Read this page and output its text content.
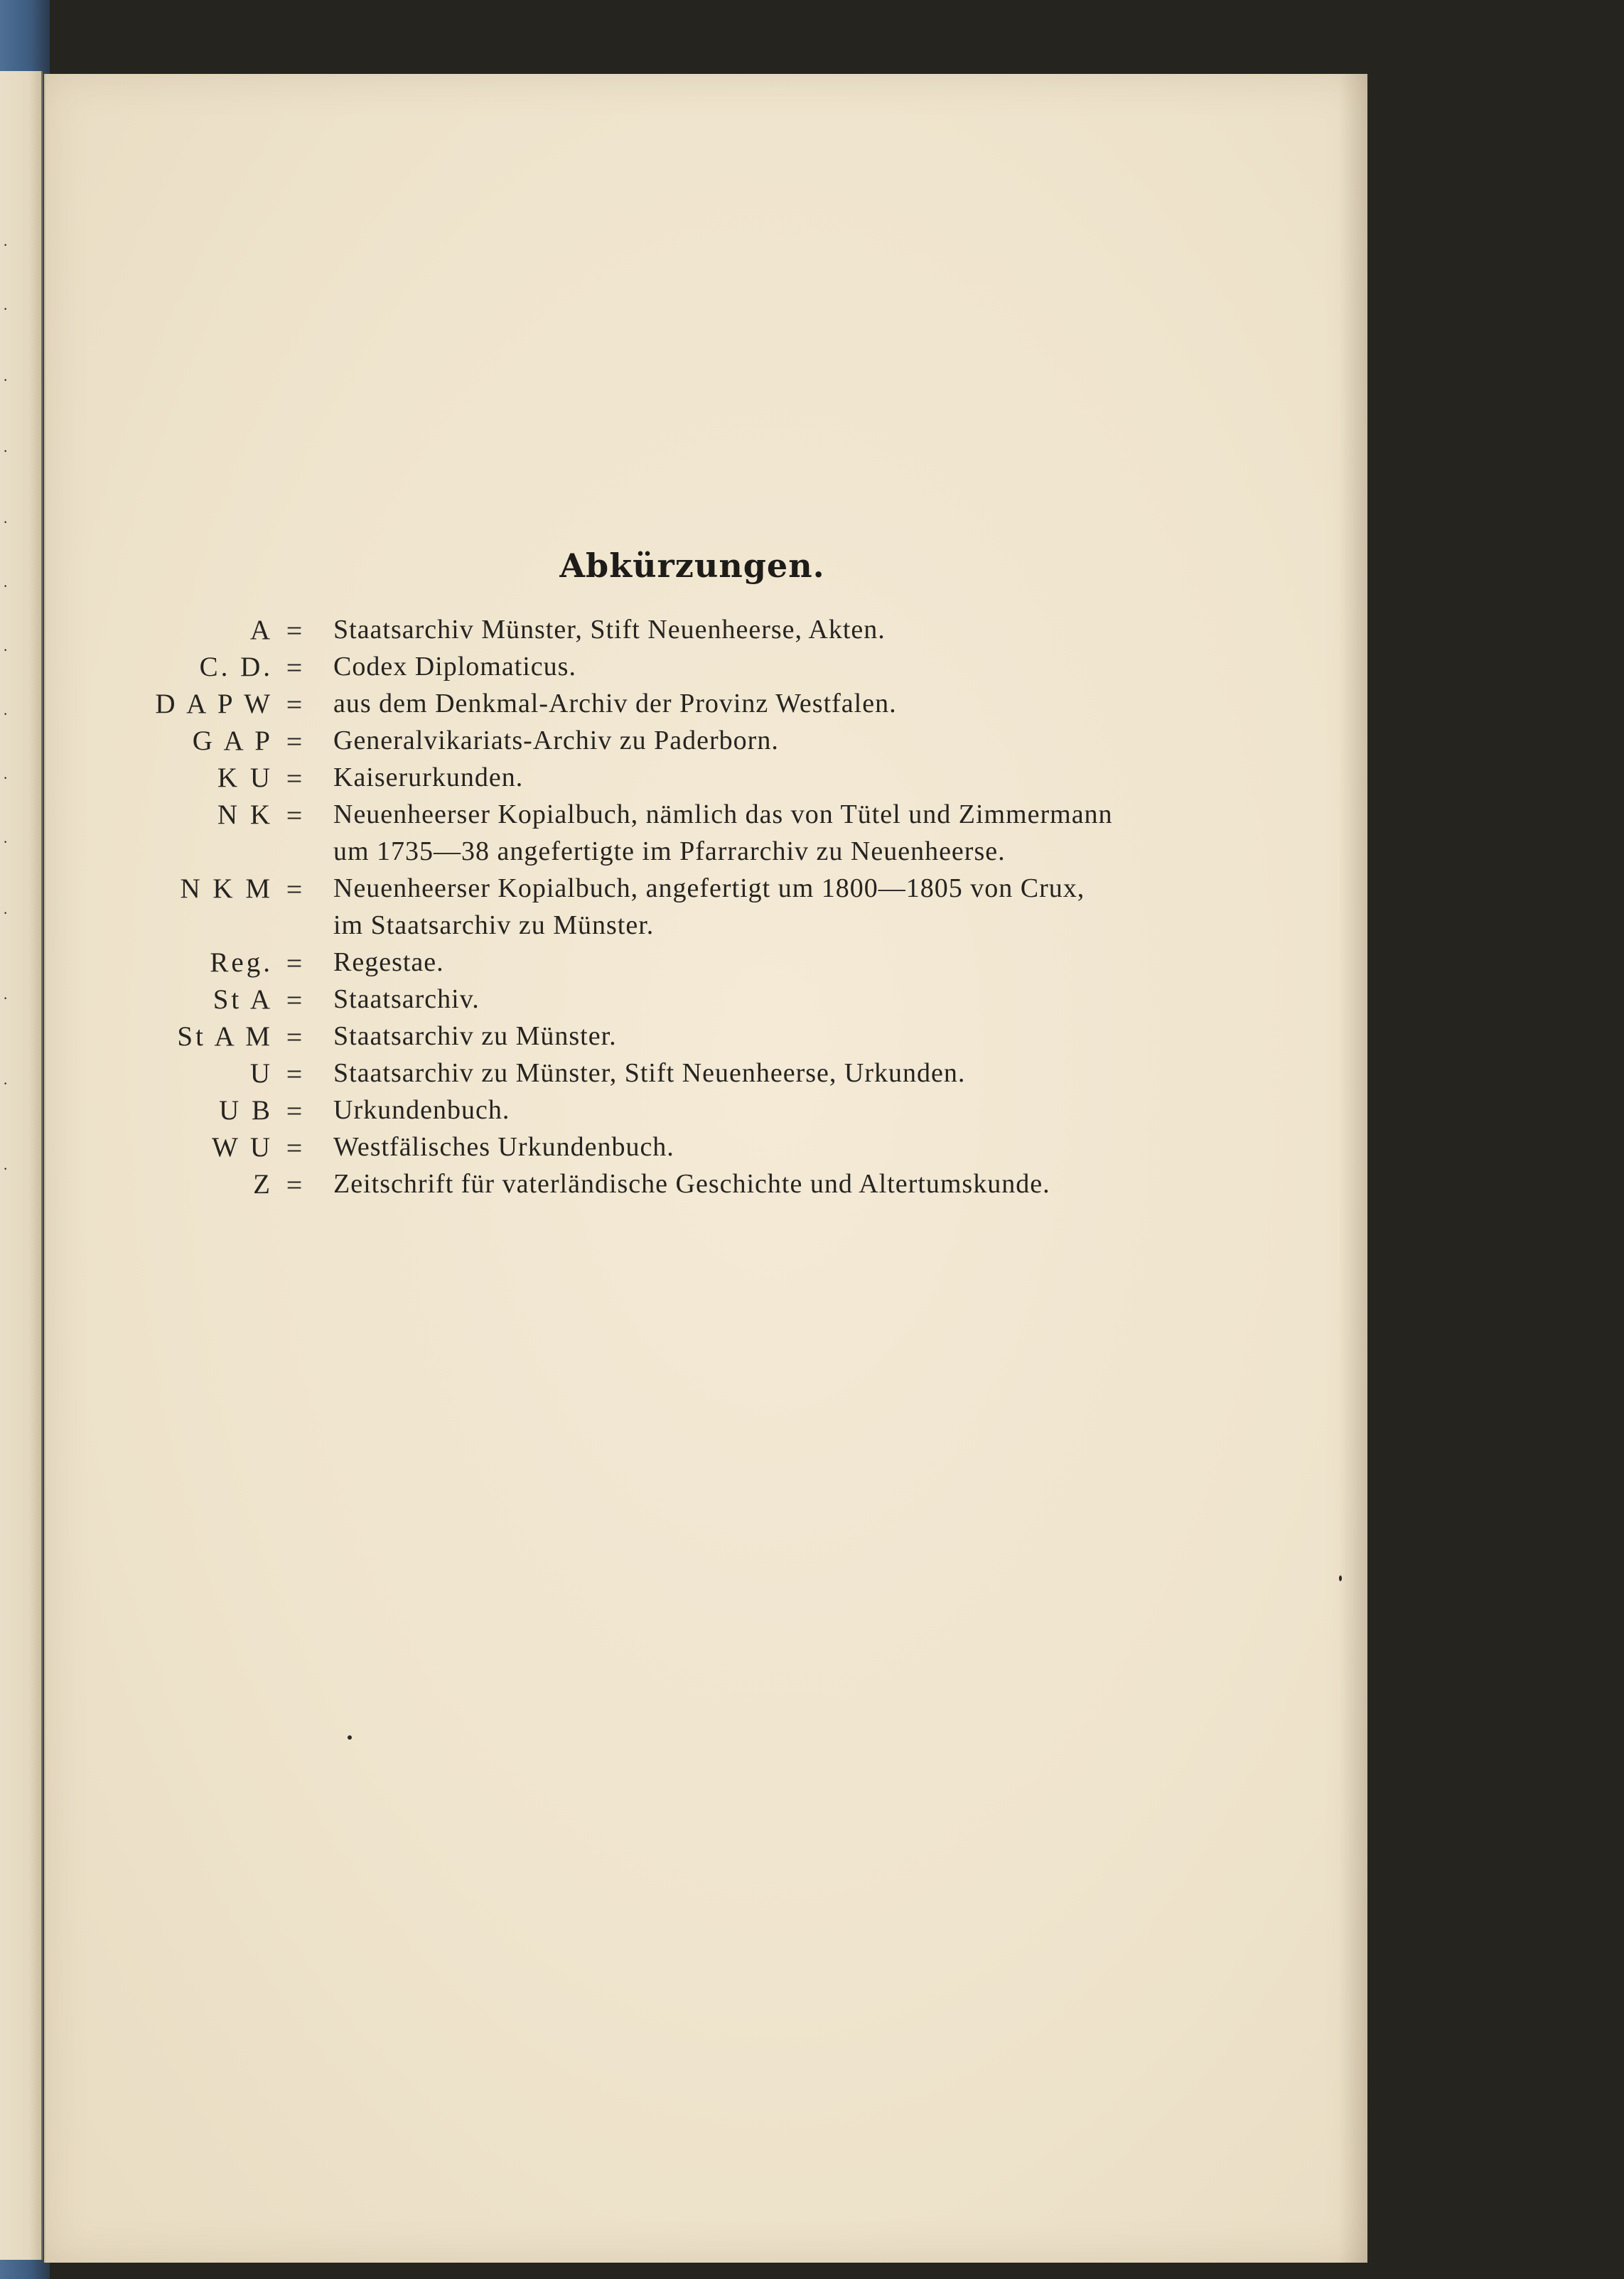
·
·
·
·
·
·
·
·
·
·
·
·
·
·
Abkürzungen.
A =	Staatsarchiv Münster, Stift Neuenheerse, Akten.
C. D. =	Codex Diplomaticus.
D A P W =	aus dem Denkmal-Archiv der Provinz Westfalen.
G A P =	Generalvikariats-Archiv zu Paderborn.
K U =	Kaiserurkunden.
N K =	Neuenheerser Kopialbuch, nämlich das von Tütel und Zimmermann
um 1735—38 angefertigte im Pfarrarchiv zu Neuenheerse.
N K M =	Neuenheerser Kopialbuch, angefertigt um 1800—1805 von Crux,
im Staatsarchiv zu Münster.
Reg. =	Regestae.
St A =	Staatsarchiv.
St A M =	Staatsarchiv zu Münster.
U =	Staatsarchiv zu Münster, Stift Neuenheerse, Urkunden.
U B =	Urkundenbuch.
W U =	Westfälisches Urkundenbuch.
Z =	Zeitschrift für vaterländische Geschichte und Altertumskunde.
